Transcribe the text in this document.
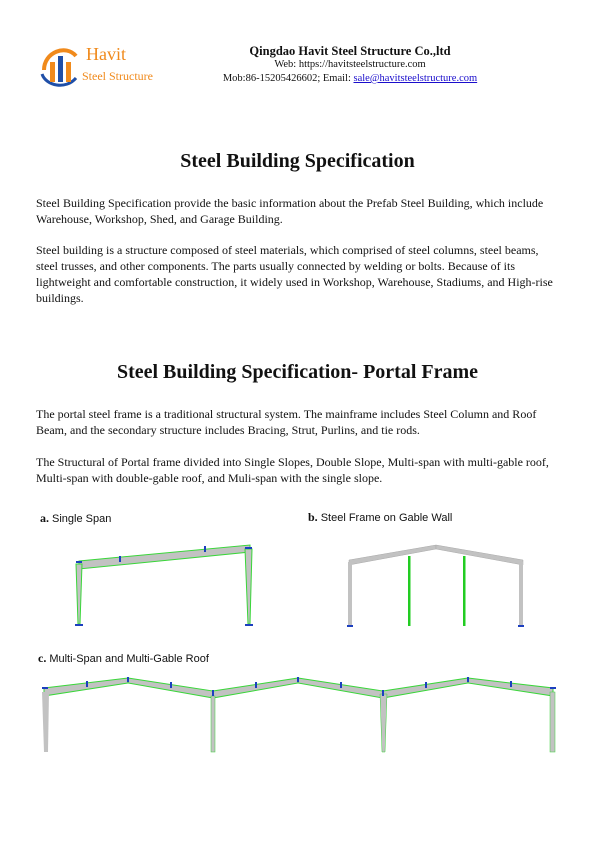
Havit
Steel Structure
Qingdao Havit Steel Structure Co.,ltd
Web: https://havitsteelstructure.com
Mob:86-15205426602; Email: sale@havitsteelstructure.com
Steel Building Specification

Steel Building Specification provide the basic information about the Prefab Steel Building, which include Warehouse, Workshop, Shed, and Garage Building.

Steel building is a structure composed of steel materials, which comprised of steel columns, steel beams, steel trusses, and other components. The parts usually connected by welding or bolts. Because of its lightweight and comfortable construction, it widely used in Workshop, Warehouse, Stadiums, and High-rise buildings.

Steel Building Specification- Portal Frame

The portal steel frame is a traditional structural system. The mainframe includes Steel Column and Roof Beam, and the secondary structure includes Bracing, Strut, Purlins, and tie rods.

The Structural of Portal frame divided into Single Slopes, Double Slope, Multi-span with multi-gable roof, Multi-span with double-gable roof, and Muli-span with the single slope.

a. Single Span	b. Steel Frame on Gable Wall
c. Multi-Span and Multi-Gable Roof
